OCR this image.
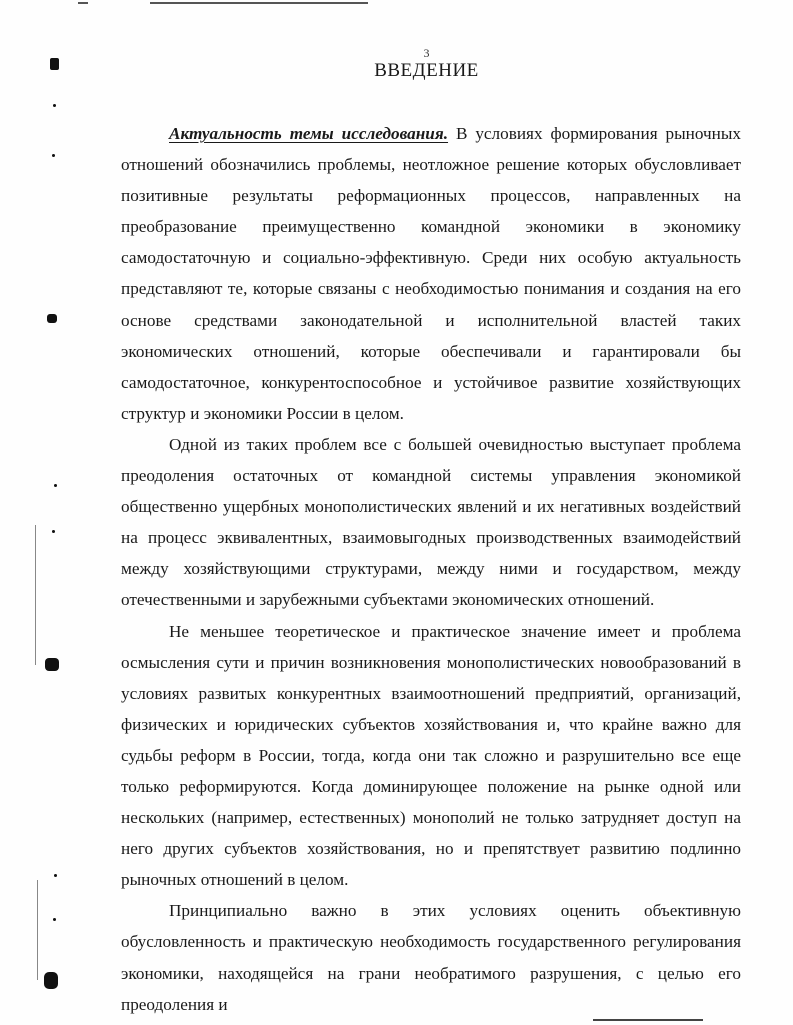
3
ВВЕДЕНИЕ

Актуальность темы исследования. В условиях формирования рыночных отношений обозначились проблемы, неотложное решение которых обусловливает позитивные результаты реформационных процессов, направленных на преобразование преимущественно командной экономики в экономику самодостаточную и социально-эффективную. Среди них особую актуальность представляют те, которые связаны с необходимостью понимания и создания на его основе средствами законодательной и исполнительной властей таких экономических отношений, которые обеспечивали и гарантировали бы самодостаточное, конкурентоспособное и устойчивое развитие хозяйствующих структур и экономики России в целом.

Одной из таких проблем все с большей очевидностью выступает проблема преодоления остаточных от командной системы управления экономикой общественно ущербных монополистических явлений и их негативных воздействий на процесс эквивалентных, взаимовыгодных производственных взаимодействий между хозяйствующими структурами, между ними и государством, между отечественными и зарубежными субъектами экономических отношений.

Не меньшее теоретическое и практическое значение имеет и проблема осмысления сути и причин возникновения монополистических новообразований в условиях развитых конкурентных взаимоотношений предприятий, организаций, физических и юридических субъектов хозяйствования и, что крайне важно для судьбы реформ в России, тогда, когда они так сложно и разрушительно все еще только реформируются. Когда доминирующее положение на рынке одной или нескольких (например, естественных) монополий не только затрудняет доступ на него других субъектов хозяйствования, но и препятствует развитию подлинно рыночных отношений в целом.

Принципиально важно в этих условиях оценить объективную обусловленность и практическую необходимость государственного регулирования экономики, находящейся на грани необратимого разрушения, с целью его преодоления и
